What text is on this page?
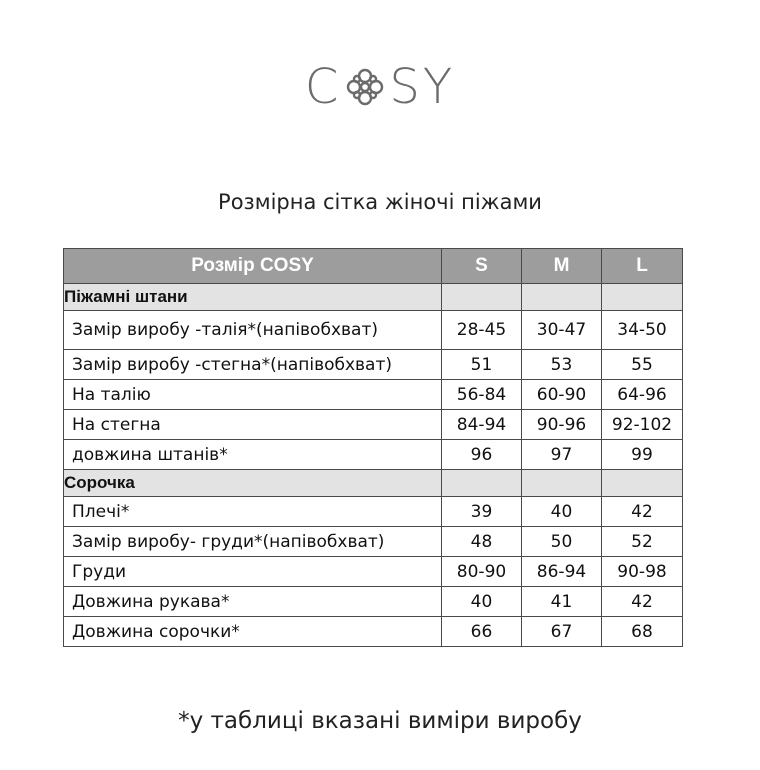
C SY
Розмірна сітка жіночі піжами
Розмір COSY	S	M	L
Піжамні штани			
Замір виробу -талія*(напівобхват)	28-45	30-47	34-50
Замір виробу -стегна*(напівобхват)	51	53	55
На талію	56-84	60-90	64-96
На стегна	84-94	90-96	92-102
довжина штанів*	96	97	99
Сорочка			
Плечі*	39	40	42
Замір виробу- груди*(напівобхват)	48	50	52
Груди	80-90	86-94	90-98
Довжина рукава*	40	41	42
Довжина сорочки*	66	67	68
*у таблиці вказані виміри виробу
